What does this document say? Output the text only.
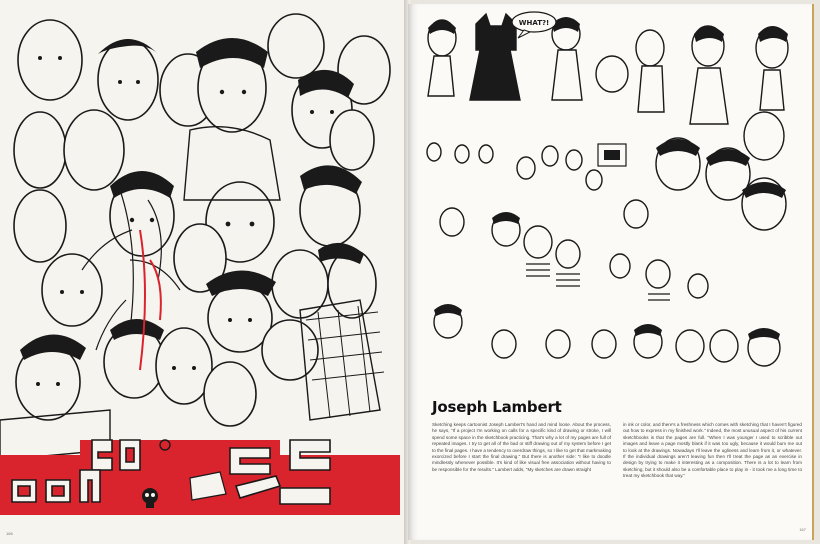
166
WHAT?!
Joseph Lambert
Sketching keeps cartoonist Joseph Lambert's hand and mind loose. About the process, he says, "If a project I'm working on calls for a specific kind of drawing or stroke, I will spend some space in the sketchbook practicing. That's why a lot of my pages are full of repeated images. I try to get all of the bad or stiff drawing out of my system before I get to the final pages. I have a tendency to overdraw things, so I like to get that markmaking exorcized before I start the final drawing." But there is another side: "I like to doodle mindlessly whenever possible. It's kind of like visual free association without having to be responsible for the results." Lambert adds, "My sketches are drawn straight
in ink or color, and there's a freshness which comes with sketching that I haven't figured out how to express in my finished work." Indeed, the most unusual aspect of his current sketchbooks is that the pages are full. "When I was younger I used to scribble out images and leave a page mostly blank if it was too ugly, because it would bum me out to look at the drawings. Nowadays I'll leave the ugliness and learn from it, or whatever. If the individual drawings aren't leaving fun then I'll treat the page as an exercise in design by trying to make it interesting as a composition. There is a lot to learn from sketching, but it should also be a comfortable place to play in - it took me a long time to treat my sketchbook that way."
167
